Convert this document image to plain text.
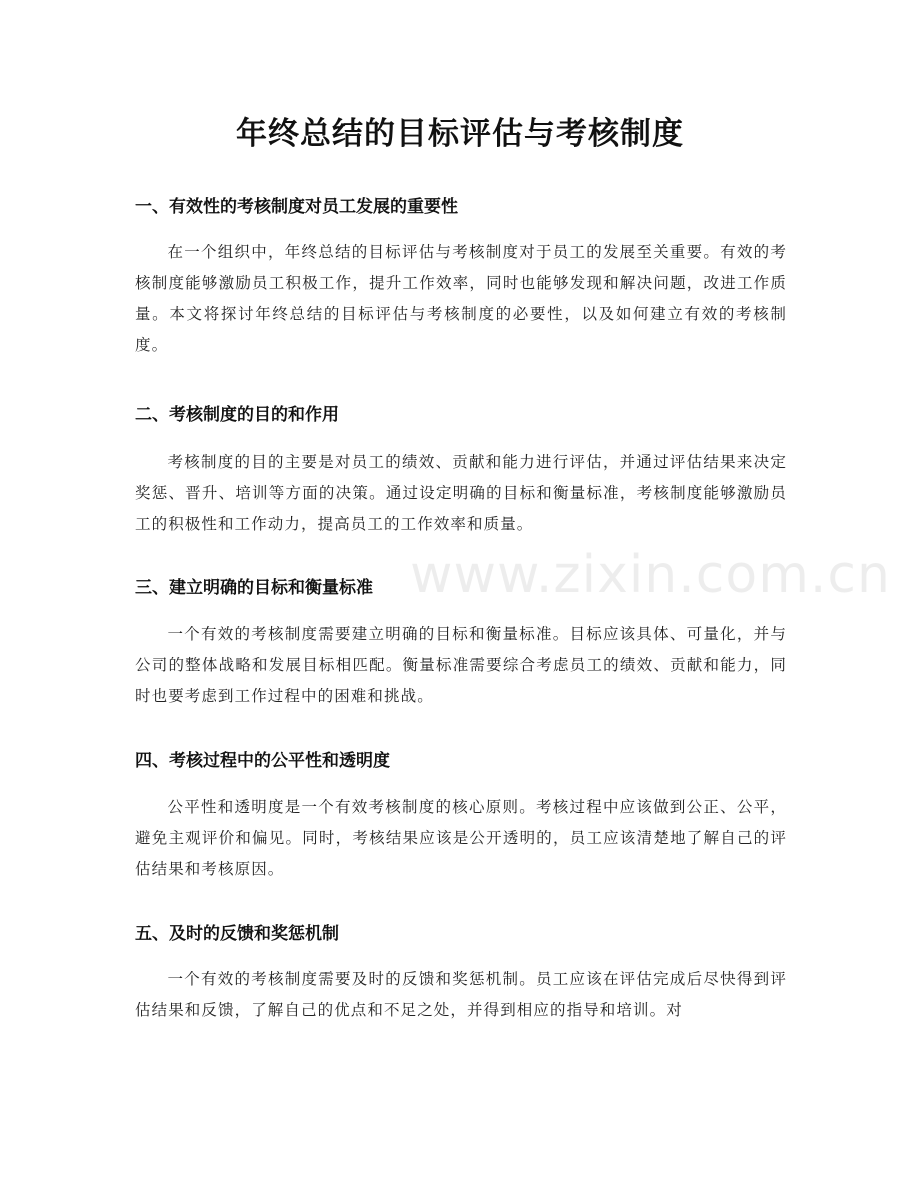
年终总结的目标评估与考核制度
一、有效性的考核制度对员工发展的重要性

在一个组织中，年终总结的目标评估与考核制度对于员工的发展至关重要。有效的考核制度能够激励员工积极工作，提升工作效率，同时也能够发现和解决问题，改进工作质量。本文将探讨年终总结的目标评估与考核制度的必要性，以及如何建立有效的考核制度。

二、考核制度的目的和作用

考核制度的目的主要是对员工的绩效、贡献和能力进行评估，并通过评估结果来决定奖惩、晋升、培训等方面的决策。通过设定明确的目标和衡量标准，考核制度能够激励员工的积极性和工作动力，提高员工的工作效率和质量。

三、建立明确的目标和衡量标准

一个有效的考核制度需要建立明确的目标和衡量标准。目标应该具体、可量化，并与公司的整体战略和发展目标相匹配。衡量标准需要综合考虑员工的绩效、贡献和能力，同时也要考虑到工作过程中的困难和挑战。

四、考核过程中的公平性和透明度

公平性和透明度是一个有效考核制度的核心原则。考核过程中应该做到公正、公平，避免主观评价和偏见。同时，考核结果应该是公开透明的，员工应该清楚地了解自己的评估结果和考核原因。

五、及时的反馈和奖惩机制

一个有效的考核制度需要及时的反馈和奖惩机制。员工应该在评估完成后尽快得到评估结果和反馈，了解自己的优点和不足之处，并得到相应的指导和培训。对

www.zixin.com.cn
